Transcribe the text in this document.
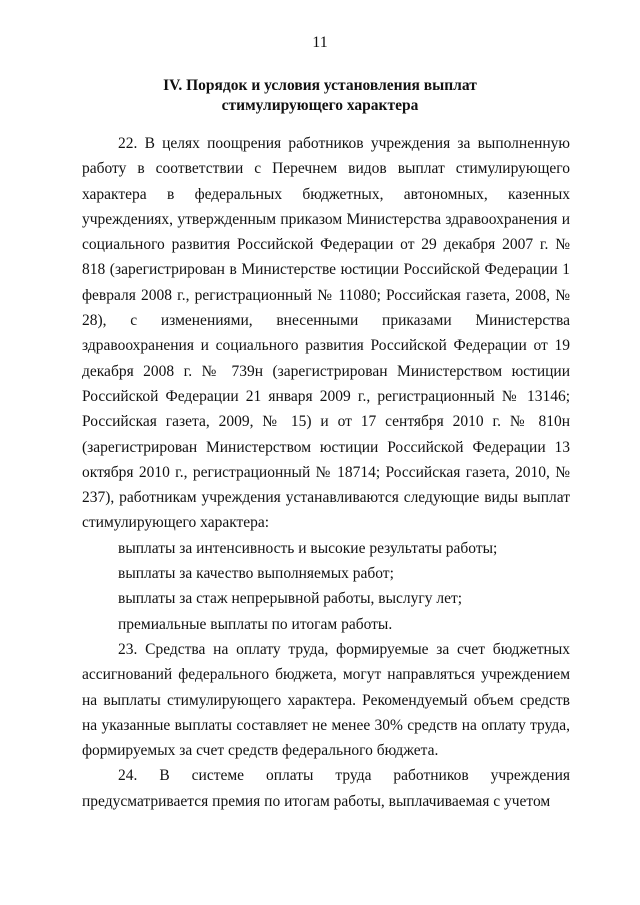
11
IV. Порядок и условия установления выплат
стимулирующего характера

22. В целях поощрения работников учреждения за выполненную работу в соответствии с Перечнем видов выплат стимулирующего характера в федеральных бюджетных, автономных, казенных учреждениях, утвержденным приказом Министерства здравоохранения и социального развития Российской Федерации от 29 декабря 2007 г. № 818 (зарегистрирован в Министерстве юстиции Российской Федерации 1 февраля 2008 г., регистрационный № 11080; Российская газета, 2008, № 28), с изменениями, внесенными приказами Министерства здравоохранения и социального развития Российской Федерации от 19 декабря 2008 г. № 739н (зарегистрирован Министерством юстиции Российской Федерации 21 января 2009 г., регистрационный № 13146; Российская газета, 2009, № 15) и от 17 сентября 2010 г. № 810н (зарегистрирован Министерством юстиции Российской Федерации 13 октября 2010 г., регистрационный № 18714; Российская газета, 2010, № 237), работникам учреждения устанавливаются следующие виды выплат стимулирующего характера:

выплаты за интенсивность и высокие результаты работы;

выплаты за качество выполняемых работ;

выплаты за стаж непрерывной работы, выслугу лет;

премиальные выплаты по итогам работы.

23. Средства на оплату труда, формируемые за счет бюджетных ассигнований федерального бюджета, могут направляться учреждением на выплаты стимулирующего характера. Рекомендуемый объем средств на указанные выплаты составляет не менее 30% средств на оплату труда, формируемых за счет средств федерального бюджета.

24. В системе оплаты труда работников учреждения предусматривается премия по итогам работы, выплачиваемая с учетом
